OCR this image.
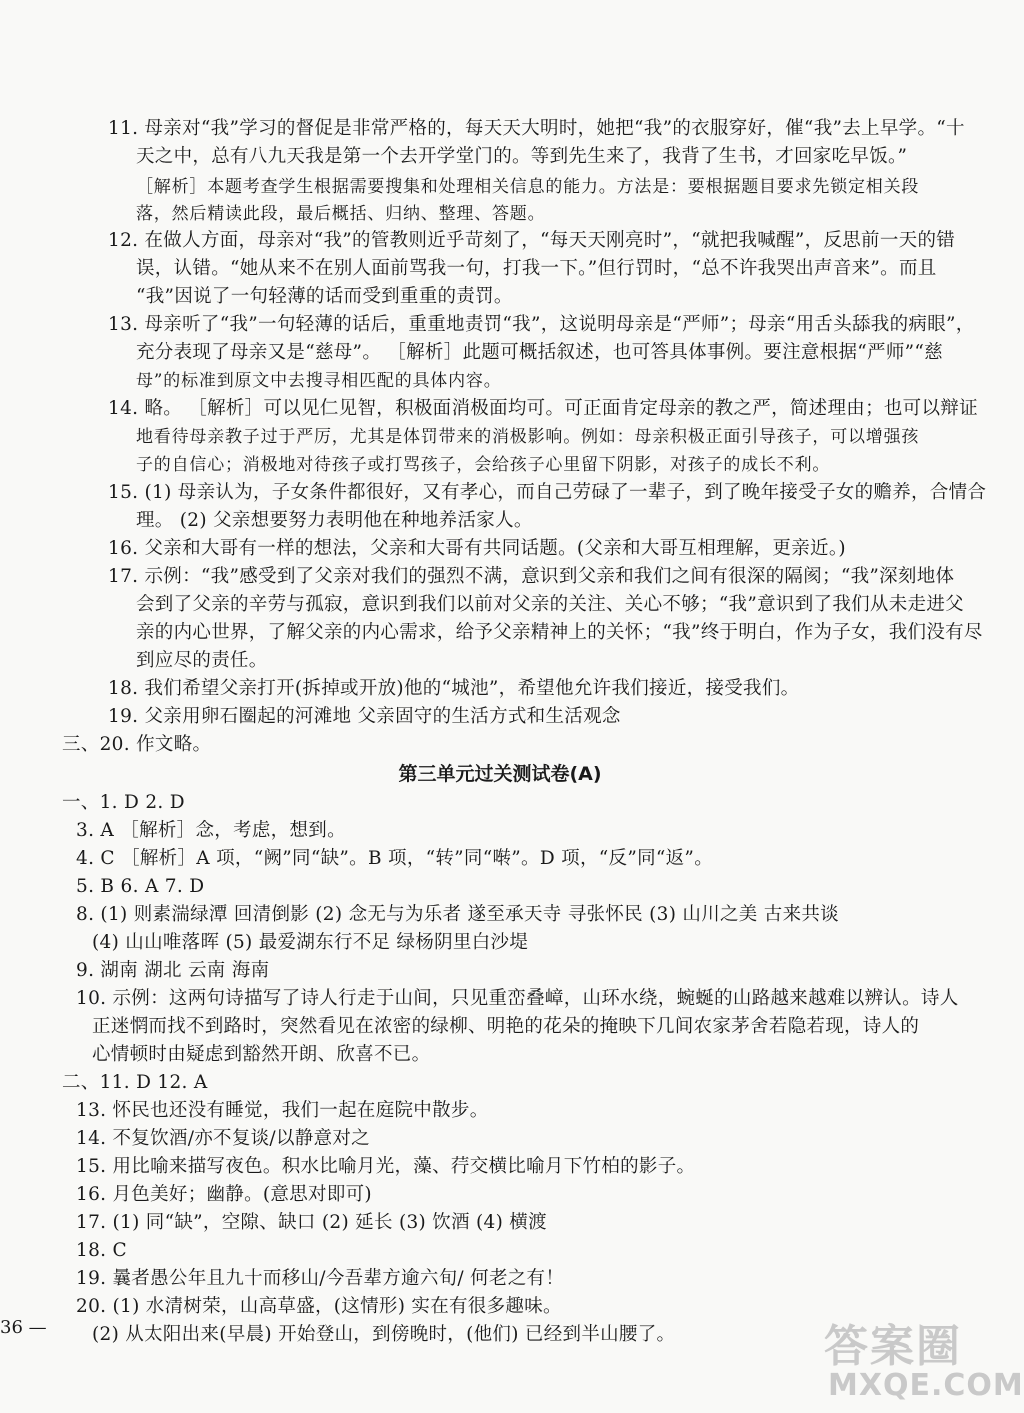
11. 母亲对“我”学习的督促是非常严格的，每天天大明时，她把“我”的衣服穿好，催“我”去上早学。“十
天之中，总有八九天我是第一个去开学堂门的。等到先生来了，我背了生书，才回家吃早饭。”
［解析］本题考查学生根据需要搜集和处理相关信息的能力。方法是：要根据题目要求先锁定相关段
落，然后精读此段，最后概括、归纳、整理、答题。
12. 在做人方面，母亲对“我”的管教则近乎苛刻了，“每天天刚亮时”，“就把我喊醒”，反思前一天的错
误，认错。“她从来不在别人面前骂我一句，打我一下。”但行罚时，“总不许我哭出声音来”。而且
“我”因说了一句轻薄的话而受到重重的责罚。
13. 母亲听了“我”一句轻薄的话后，重重地责罚“我”，这说明母亲是“严师”；母亲“用舌头舔我的病眼”，
充分表现了母亲又是“慈母”。 ［解析］此题可概括叙述，也可答具体事例。要注意根据“严师”“慈
母”的标准到原文中去搜寻相匹配的具体内容。
14. 略。 ［解析］可以见仁见智，积极面消极面均可。可正面肯定母亲的教之严，简述理由；也可以辩证
地看待母亲教子过于严厉，尤其是体罚带来的消极影响。例如：母亲积极正面引导孩子，可以增强孩
子的自信心；消极地对待孩子或打骂孩子，会给孩子心里留下阴影，对孩子的成长不利。
15. (1) 母亲认为，子女条件都很好，又有孝心，而自己劳碌了一辈子，到了晚年接受子女的赡养，合情合
理。 (2) 父亲想要努力表明他在种地养活家人。
16. 父亲和大哥有一样的想法，父亲和大哥有共同话题。(父亲和大哥互相理解，更亲近。)
17. 示例：“我”感受到了父亲对我们的强烈不满，意识到父亲和我们之间有很深的隔阂；“我”深刻地体
会到了父亲的辛劳与孤寂，意识到我们以前对父亲的关注、关心不够；“我”意识到了我们从未走进父
亲的内心世界，了解父亲的内心需求，给予父亲精神上的关怀；“我”终于明白，作为子女，我们没有尽
到应尽的责任。
18. 我们希望父亲打开(拆掉或开放)他的“城池”，希望他允许我们接近，接受我们。
19. 父亲用卵石圈起的河滩地 父亲固守的生活方式和生活观念
三、20. 作文略。
第三单元过关测试卷(A)
一、1. D 2. D
3. A ［解析］念，考虑，想到。
4. C ［解析］A 项，“阙”同“缺”。B 项，“转”同“啭”。D 项，“反”同“返”。
5. B 6. A 7. D
8. (1) 则素湍绿潭 回清倒影 (2) 念无与为乐者 遂至承天寺 寻张怀民 (3) 山川之美 古来共谈
(4) 山山唯落晖 (5) 最爱湖东行不足 绿杨阴里白沙堤
9. 湖南 湖北 云南 海南
10. 示例：这两句诗描写了诗人行走于山间，只见重峦叠嶂，山环水绕，蜿蜒的山路越来越难以辨认。诗人
正迷惘而找不到路时，突然看见在浓密的绿柳、明艳的花朵的掩映下几间农家茅舍若隐若现，诗人的
心情顿时由疑虑到豁然开朗、欣喜不已。
二、11. D 12. A
13. 怀民也还没有睡觉，我们一起在庭院中散步。
14. 不复饮酒/亦不复谈/以静意对之
15. 用比喻来描写夜色。积水比喻月光，藻、荇交横比喻月下竹柏的影子。
16. 月色美好；幽静。(意思对即可)
17. (1) 同“缺”，空隙、缺口 (2) 延长 (3) 饮酒 (4) 横渡
18. C
19. 曩者愚公年且九十而移山/今吾辈方逾六旬/ 何老之有！
20. (1) 水清树荣，山高草盛，(这情形) 实在有很多趣味。
(2) 从太阳出来(早晨) 开始登山，到傍晚时，(他们) 已经到半山腰了。
36 —	答案圈
MXQE.COM
